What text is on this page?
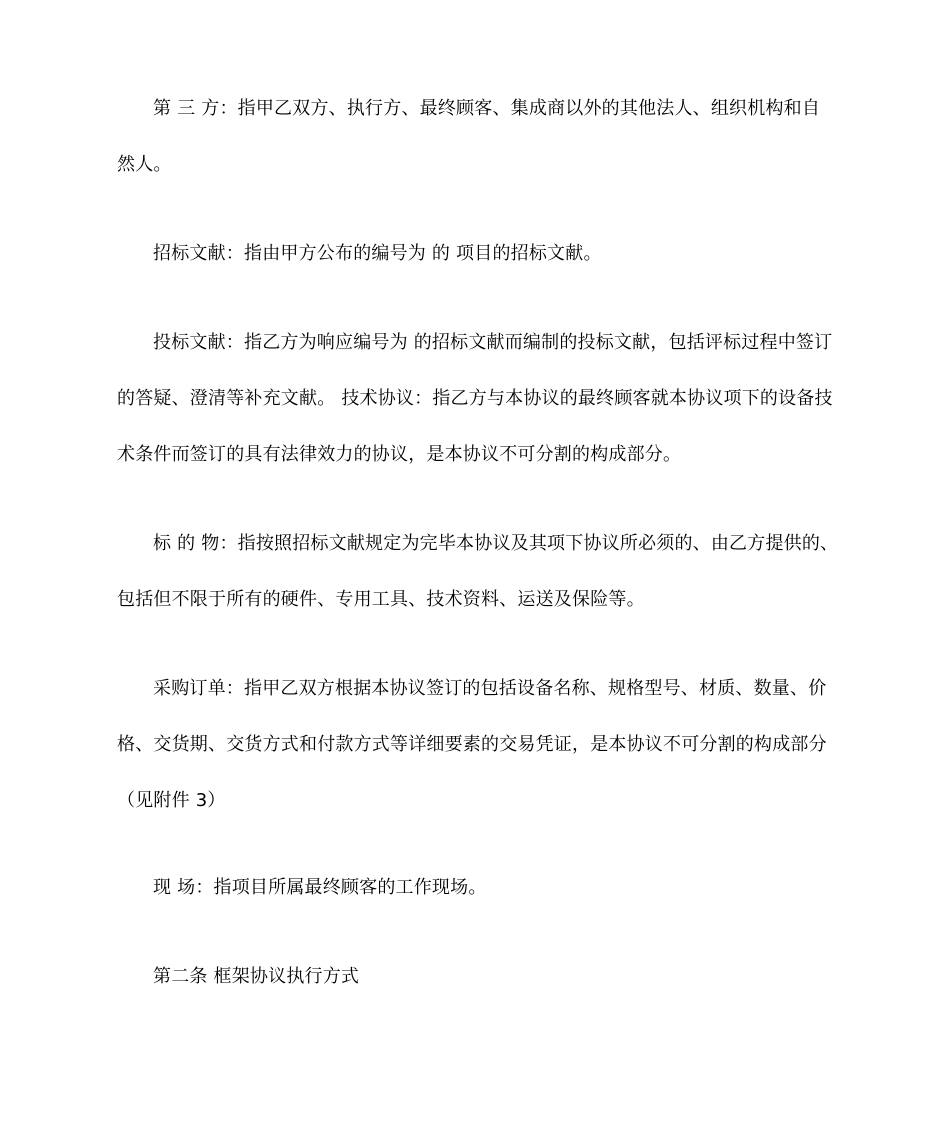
第 三 方：指甲乙双方、执行方、最终顾客、集成商以外的其他法人、组织机构和自
然人。
招标文献：指由甲方公布的编号为 的 项目的招标文献。
投标文献：指乙方为响应编号为 的招标文献而编制的投标文献，包括评标过程中签订
的答疑、澄清等补充文献。 技术协议：指乙方与本协议的最终顾客就本协议项下的设备技
术条件而签订的具有法律效力的协议，是本协议不可分割的构成部分。
标 的 物：指按照招标文献规定为完毕本协议及其项下协议所必须的、由乙方提供的、
包括但不限于所有的硬件、专用工具、技术资料、运送及保险等。
采购订单：指甲乙双方根据本协议签订的包括设备名称、规格型号、材质、数量、价
格、交货期、交货方式和付款方式等详细要素的交易凭证，是本协议不可分割的构成部分
（见附件 3）
现 场：指项目所属最终顾客的工作现场。
第二条 框架协议执行方式
